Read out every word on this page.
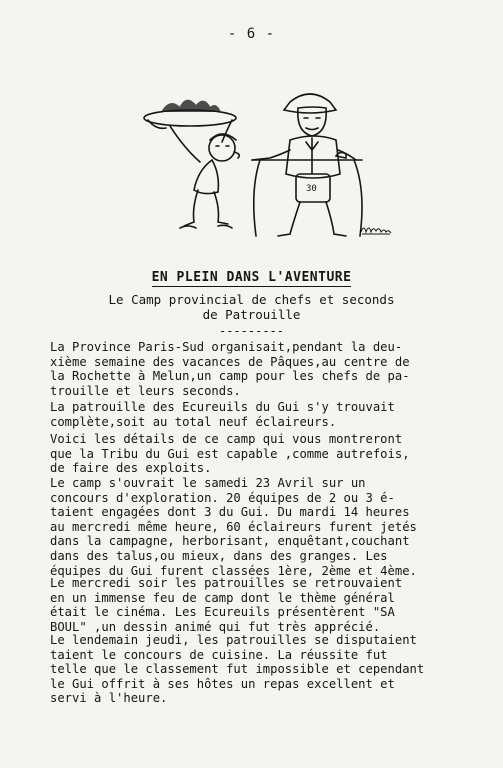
- 6 -
30
EN PLEIN DANS L'AVENTURE
Le Camp provincial de chefs et seconds
de Patrouille
---------

La Province Paris-Sud organisait,pendant la deu-
xième semaine des vacances de Pâques,au centre de
la Rochette à Melun,un camp pour les chefs de pa-
trouille et leurs seconds.

La patrouille des Ecureuils du Gui s'y trouvait
complète,soit au total neuf éclaireurs.

Voici les détails de ce camp qui vous montreront
que la Tribu du Gui est capable ,comme autrefois,
de faire des exploits.

Le camp s'ouvrait le samedi 23 Avril sur un
concours d'exploration. 20 équipes de 2 ou 3 é-
taient engagées dont 3 du Gui. Du mardi 14 heures
au mercredi même heure, 60 éclaireurs furent jetés
dans la campagne, herborisant, enquêtant,couchant
dans des talus,ou mieux, dans des granges. Les
équipes du Gui furent classées 1ère, 2ème et 4ème.

Le mercredi soir les patrouilles se retrouvaient
en un immense feu de camp dont le thème général
était le cinéma. Les Ecureuils présentèrent "SA
BOUL" ,un dessin animé qui fut très apprécié.

Le lendemain jeudi, les patrouilles se disputaient
taient le concours de cuisine. La réussite fut
telle que le classement fut impossible et cependant
le Gui offrit à ses hôtes un repas excellent et
servi à l'heure.
